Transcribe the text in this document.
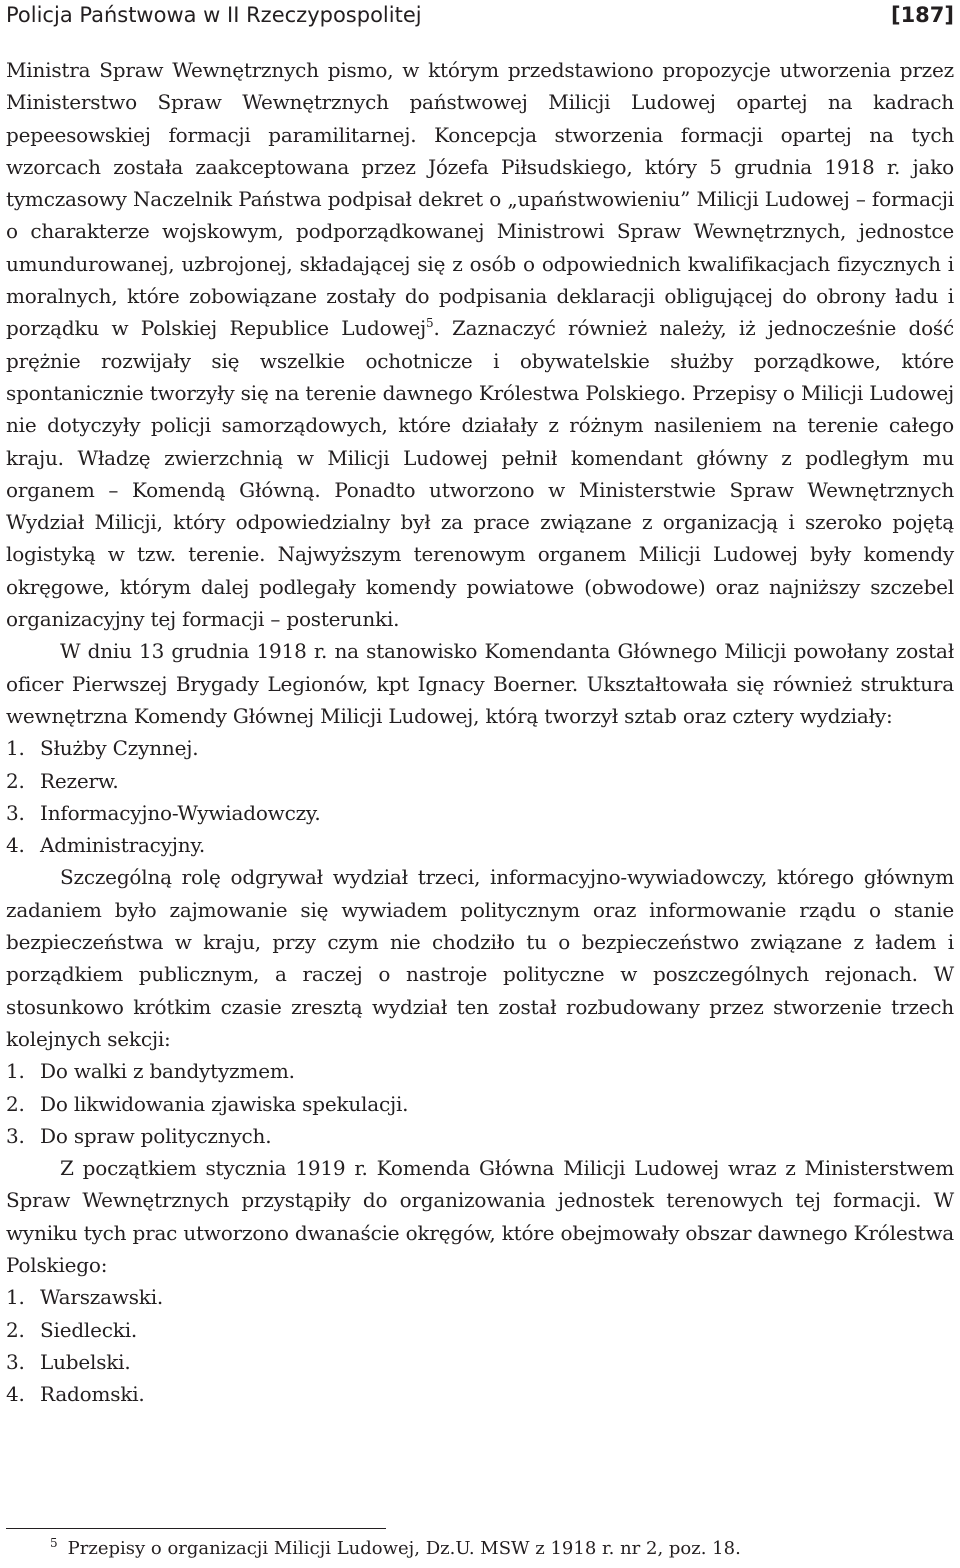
Policja Państwowa w II Rzeczypospolitej	[187]

Ministra Spraw Wewnętrznych pismo, w którym przedstawiono propozycje utworzenia przez Ministerstwo Spraw Wewnętrznych państwowej Milicji Ludowej opartej na kadrach pepeesowskiej formacji paramilitarnej. Koncepcja stworzenia formacji opartej na tych wzorcach została zaakceptowana przez Józefa Piłsudskiego, który 5 grudnia 1918 r. jako tymczasowy Naczelnik Państwa podpisał dekret o „upaństwowieniu” Milicji Ludowej – formacji o charakterze wojskowym, podporządkowanej Ministrowi Spraw Wewnętrznych, jednostce umundurowanej, uzbrojonej, składającej się z osób o odpowiednich kwalifikacjach fizycznych i moralnych, które zobowiązane zostały do podpisania deklaracji obligującej do obrony ładu i porządku w Polskiej Republice Ludowej$^5$. Zaznaczyć również należy, iż jednocześnie dość prężnie rozwijały się wszelkie ochotnicze i obywatelskie służby porządkowe, które spontanicznie tworzyły się na terenie dawnego Królestwa Polskiego. Przepisy o Milicji Ludowej nie dotyczyły policji samorządowych, które działały z różnym nasileniem na terenie całego kraju. Władzę zwierzchnią w Milicji Ludowej pełnił komendant główny z podległym mu organem – Komendą Główną. Ponadto utworzono w Ministerstwie Spraw Wewnętrznych Wydział Milicji, który odpowiedzialny był za prace związane z organizacją i szeroko pojętą logistyką w tzw. terenie. Najwyższym terenowym organem Milicji Ludowej były komendy okręgowe, którym dalej podlegały komendy powiatowe (obwodowe) oraz najniższy szczebel organizacyjny tej formacji – posterunki.

W dniu 13 grudnia 1918 r. na stanowisko Komendanta Głównego Milicji powołany został oficer Pierwszej Brygady Legionów, kpt Ignacy Boerner. Ukształtowała się również struktura wewnętrzna Komendy Głównej Milicji Ludowej, którą tworzył sztab oraz cztery wydziały:

1. Służby Czynnej.
2. Rezerw.
3. Informacyjno-Wywiadowczy.
4. Administracyjny.

Szczególną rolę odgrywał wydział trzeci, informacyjno-wywiadowczy, którego głównym zadaniem było zajmowanie się wywiadem politycznym oraz informowanie rządu o stanie bezpieczeństwa w kraju, przy czym nie chodziło tu o bezpieczeństwo związane z ładem i porządkiem publicznym, a raczej o nastroje polityczne w poszczególnych rejonach. W stosunkowo krótkim czasie zresztą wydział ten został rozbudowany przez stworzenie trzech kolejnych sekcji:

1. Do walki z bandytyzmem.
2. Do likwidowania zjawiska spekulacji.
3. Do spraw politycznych.

Z początkiem stycznia 1919 r. Komenda Główna Milicji Ludowej wraz z Ministerstwem Spraw Wewnętrznych przystąpiły do organizowania jednostek terenowych tej formacji. W wyniku tych prac utworzono dwanaście okręgów, które obejmowały obszar dawnego Królestwa Polskiego:

1. Warszawski.
2. Siedlecki.
3. Lubelski.
4. Radomski.
$^5$ Przepisy o organizacji Milicji Ludowej, Dz.U. MSW z 1918 r. nr 2, poz. 18.
